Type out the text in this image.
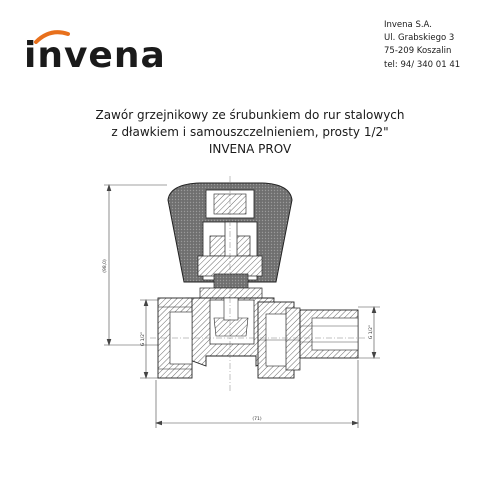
invena
Invena S.A.
Ul. Grabskiego 3
75-209 Koszalin
tel: 94/ 340 01 41
Zawór grzejnikowy ze śrubunkiem do rur stalowych
z dławkiem i samouszczelnieniem, prosty 1/2"
INVENA PROV
(98,0)
(71)
G 1/2"	G 1/2"
